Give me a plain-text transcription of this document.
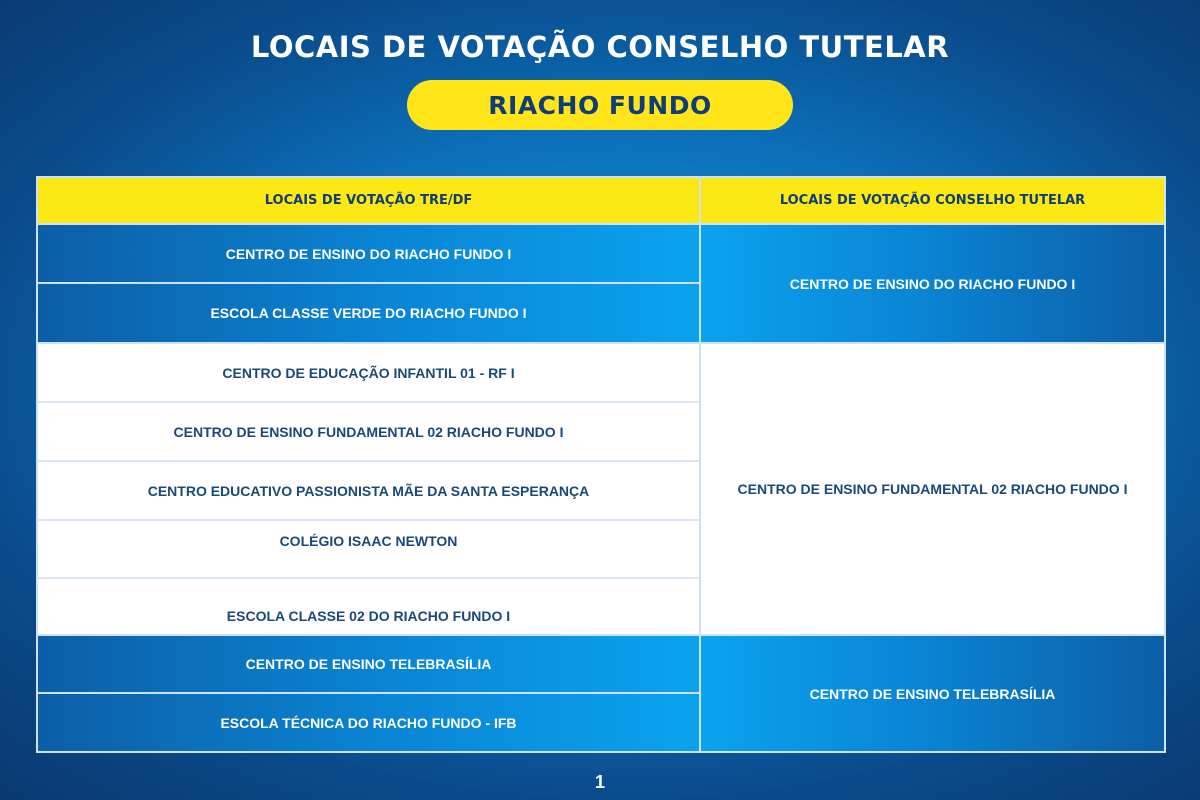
LOCAIS DE VOTAÇÃO CONSELHO TUTELAR
RIACHO FUNDO
LOCAIS DE VOTAÇÃO TRE/DF
CENTRO DE ENSINO DO RIACHO FUNDO I
ESCOLA CLASSE VERDE DO RIACHO FUNDO I
CENTRO DE EDUCAÇÃO INFANTIL 01 - RF I
CENTRO DE ENSINO FUNDAMENTAL 02 RIACHO FUNDO I
CENTRO EDUCATIVO PASSIONISTA MÃE DA SANTA ESPERANÇA
COLÉGIO ISAAC NEWTON
ESCOLA CLASSE 02 DO RIACHO FUNDO I
CENTRO DE ENSINO TELEBRASÍLIA
ESCOLA TÉCNICA DO RIACHO FUNDO - IFB
LOCAIS DE VOTAÇÃO CONSELHO TUTELAR
CENTRO DE ENSINO DO RIACHO FUNDO I
CENTRO DE ENSINO FUNDAMENTAL 02 RIACHO FUNDO I
CENTRO DE ENSINO TELEBRASÍLIA
1
